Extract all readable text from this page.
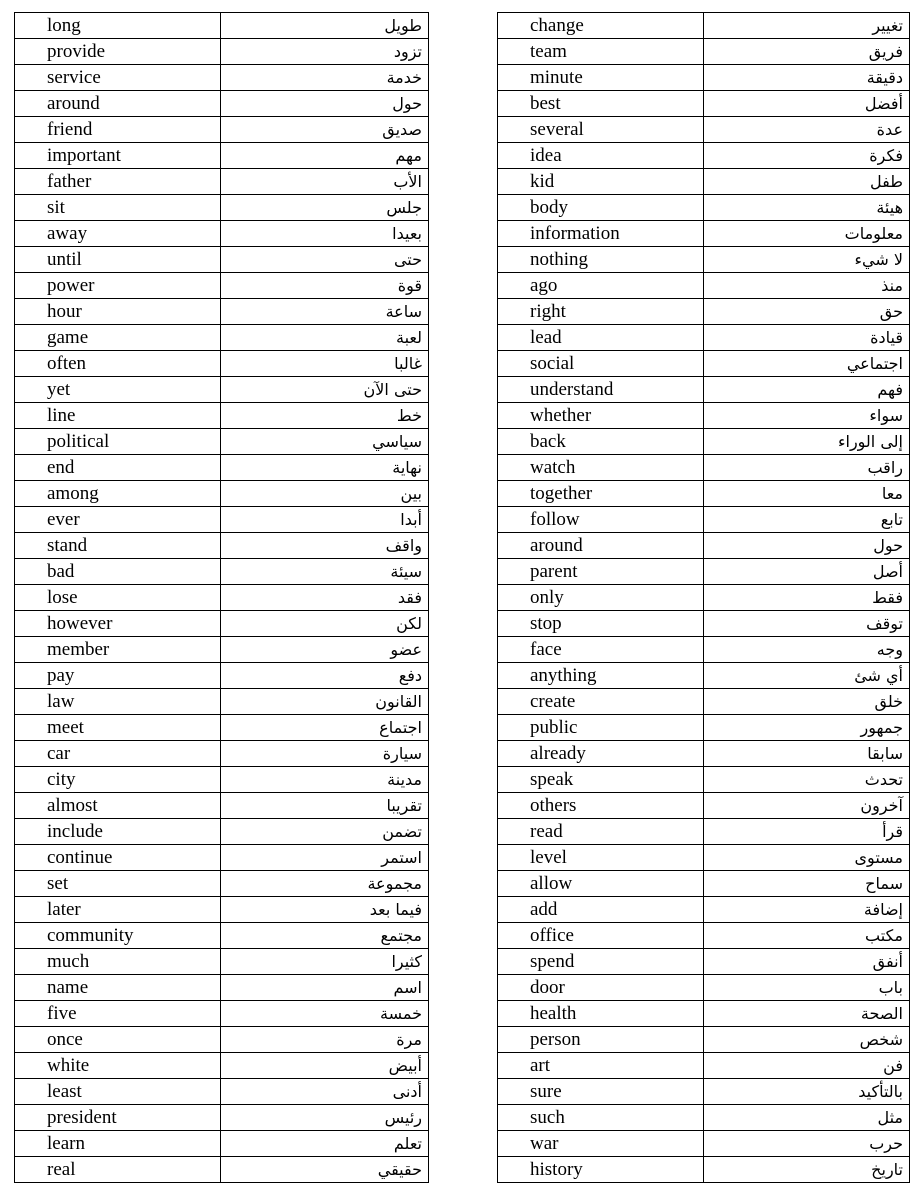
long	طويل
provide	تزود
service	خدمة
around	حول
friend	صديق
important	مهم
father	الأب
sit	جلس
away	بعيدا
until	حتى
power	قوة
hour	ساعة
game	لعبة
often	غالبا
yet	حتى الآن
line	خط
political	سياسي
end	نهاية
among	بين
ever	أبدا
stand	واقف
bad	سيئة
lose	فقد
however	لكن
member	عضو
pay	دفع
law	القانون
meet	اجتماع
car	سيارة
city	مدينة
almost	تقريبا
include	تضمن
continue	استمر
set	مجموعة
later	فيما بعد
community	مجتمع
much	كثيرا
name	اسم
five	خمسة
once	مرة
white	أبيض
least	أدنى
president	رئيس
learn	تعلم
real	حقيقي
change	تغيير
team	فريق
minute	دقيقة
best	أفضل
several	عدة
idea	فكرة
kid	طفل
body	هيئة
information	معلومات
nothing	لا شيء
ago	منذ
right	حق
lead	قيادة
social	اجتماعي
understand	فهم
whether	سواء
back	إلى الوراء
watch	راقب
together	معا
follow	تابع
around	حول
parent	أصل
only	فقط
stop	توقف
face	وجه
anything	أي شئ
create	خلق
public	جمهور
already	سابقا
speak	تحدث
others	آخرون
read	قرأ
level	مستوى
allow	سماح
add	إضافة
office	مكتب
spend	أنفق
door	باب
health	الصحة
person	شخص
art	فن
sure	بالتأكيد
such	مثل
war	حرب
history	تاريخ
